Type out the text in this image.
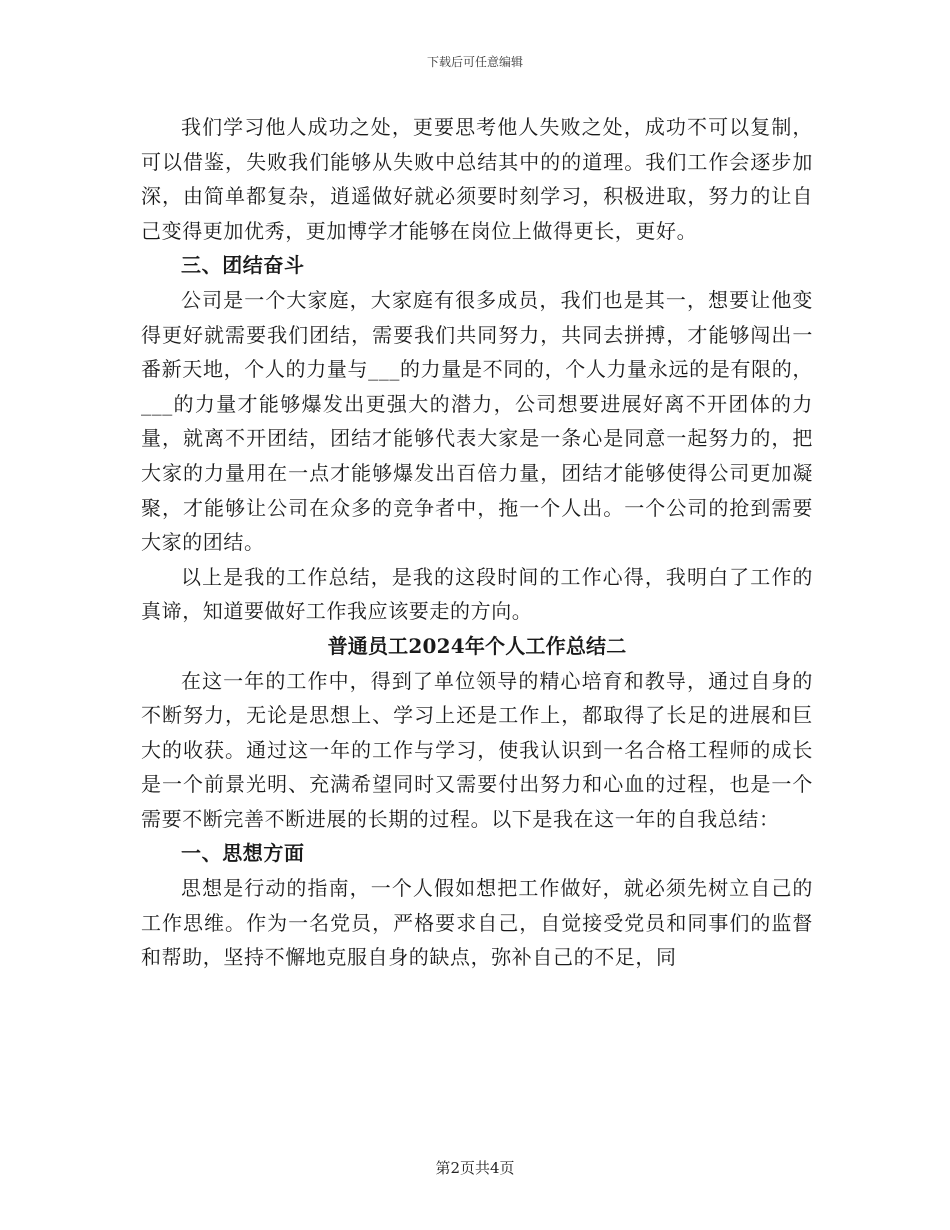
下载后可任意编辑

我们学习他人成功之处，更要思考他人失败之处，成功不可以复制，可以借鉴，失败我们能够从失败中总结其中的的道理。我们工作会逐步加深，由简单都复杂，逍遥做好就必须要时刻学习，积极进取，努力的让自己变得更加优秀，更加博学才能够在岗位上做得更长，更好。

三、团结奋斗

公司是一个大家庭，大家庭有很多成员，我们也是其一，想要让他变得更好就需要我们团结，需要我们共同努力，共同去拼搏，才能够闯出一番新天地，个人的力量与___的力量是不同的，个人力量永远的是有限的，___的力量才能够爆发出更强大的潜力，公司想要进展好离不开团体的力量，就离不开团结，团结才能够代表大家是一条心是同意一起努力的，把大家的力量用在一点才能够爆发出百倍力量，团结才能够使得公司更加凝聚，才能够让公司在众多的竞争者中，拖一个人出。一个公司的抢到需要大家的团结。

以上是我的工作总结，是我的这段时间的工作心得，我明白了工作的真谛，知道要做好工作我应该要走的方向。

普通员工2024年个人工作总结二

在这一年的工作中，得到了单位领导的精心培育和教导，通过自身的不断努力，无论是思想上、学习上还是工作上，都取得了长足的进展和巨大的收获。通过这一年的工作与学习，使我认识到一名合格工程师的成长是一个前景光明、充满希望同时又需要付出努力和心血的过程，也是一个需要不断完善不断进展的长期的过程。以下是我在这一年的自我总结：

一、思想方面

思想是行动的指南，一个人假如想把工作做好，就必须先树立自己的工作思维。作为一名党员，严格要求自己，自觉接受党员和同事们的监督和帮助，坚持不懈地克服自身的缺点，弥补自己的不足，同

第2页共4页
